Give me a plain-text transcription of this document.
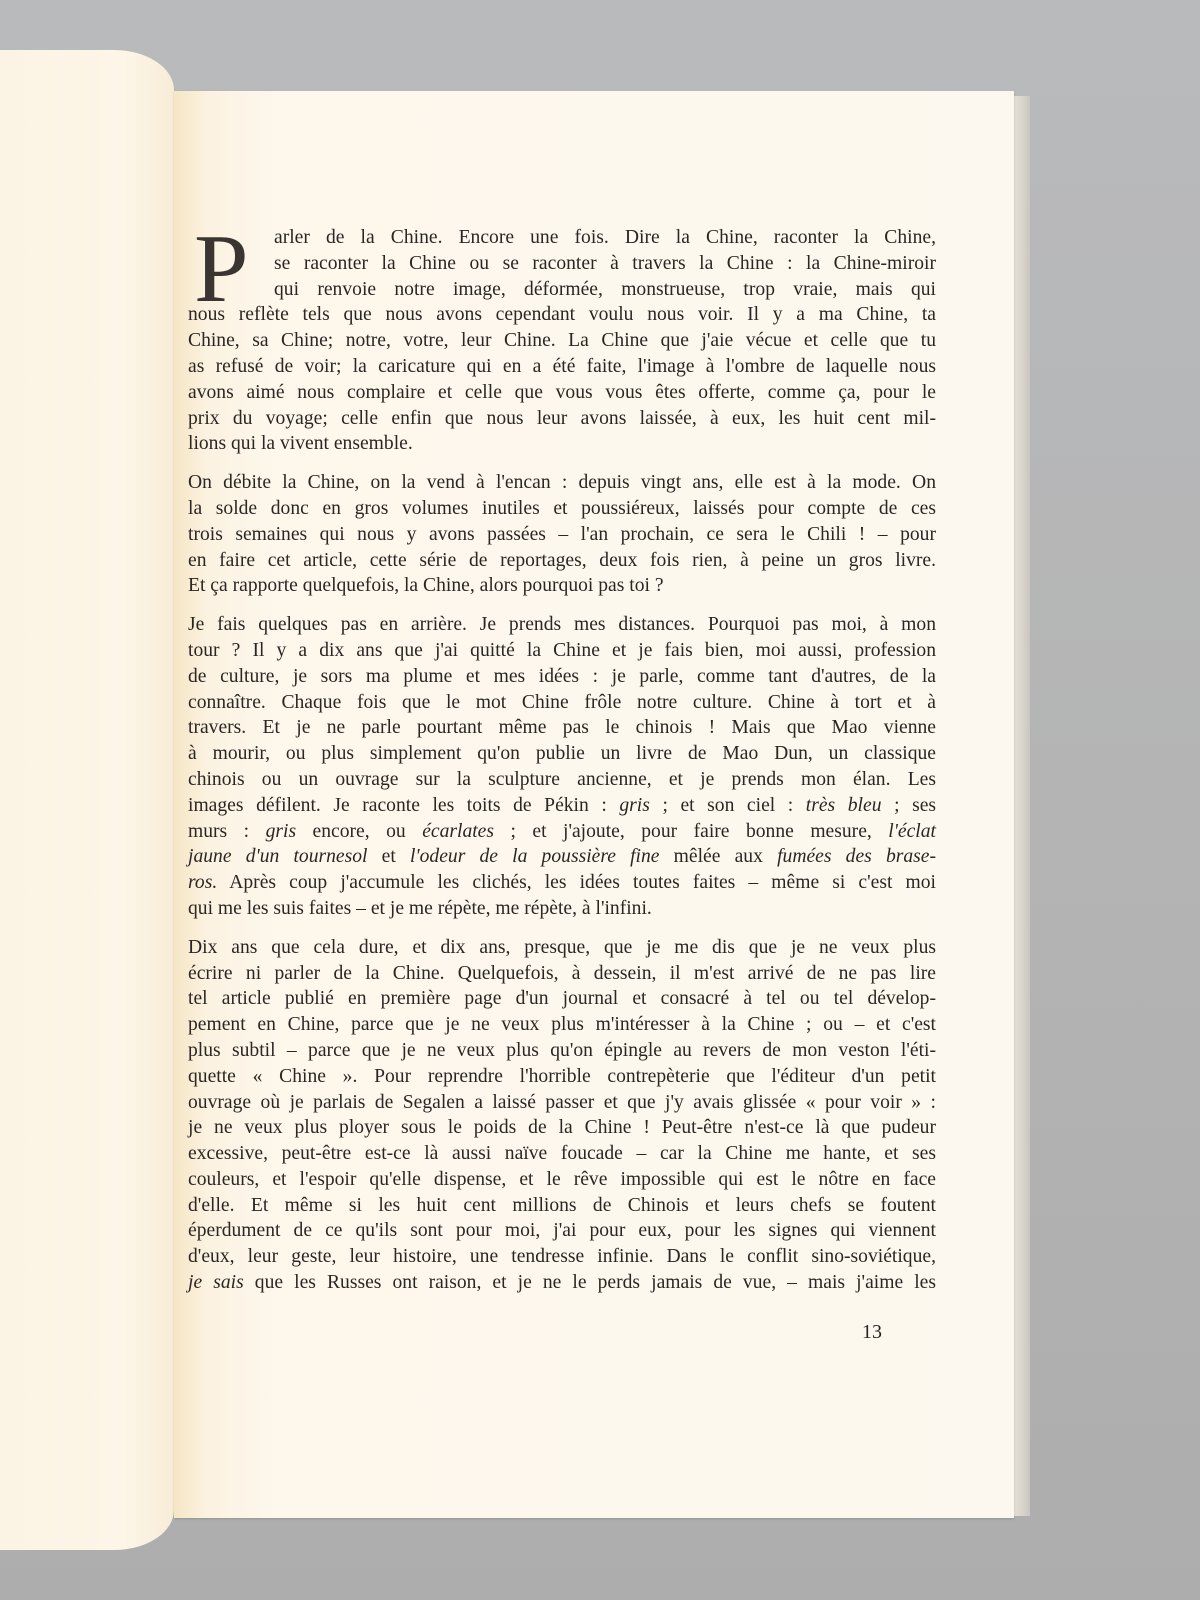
P	arler de la Chine. Encore une fois. Dire la Chine, raconter la Chine,
se raconter la Chine ou se raconter à travers la Chine : la Chine-miroir
qui renvoie notre image, déformée, monstrueuse, trop vraie, mais qui
nous reflète tels que nous avons cependant voulu nous voir. Il y a ma Chine, ta
Chine, sa Chine; notre, votre, leur Chine. La Chine que j'aie vécue et celle que tu
as refusé de voir; la caricature qui en a été faite, l'image à l'ombre de laquelle nous
avons aimé nous complaire et celle que vous vous êtes offerte, comme ça, pour le
prix du voyage; celle enfin que nous leur avons laissée, à eux, les huit cent mil-
lions qui la vivent ensemble.
On débite la Chine, on la vend à l'encan : depuis vingt ans, elle est à la mode. On
la solde donc en gros volumes inutiles et poussiéreux, laissés pour compte de ces
trois semaines qui nous y avons passées – l'an prochain, ce sera le Chili ! – pour
en faire cet article, cette série de reportages, deux fois rien, à peine un gros livre.
Et ça rapporte quelquefois, la Chine, alors pourquoi pas toi ?
Je fais quelques pas en arrière. Je prends mes distances. Pourquoi pas moi, à mon
tour ? Il y a dix ans que j'ai quitté la Chine et je fais bien, moi aussi, profession
de culture, je sors ma plume et mes idées : je parle, comme tant d'autres, de la
connaître. Chaque fois que le mot Chine frôle notre culture. Chine à tort et à
travers. Et je ne parle pourtant même pas le chinois ! Mais que Mao vienne
à mourir, ou plus simplement qu'on publie un livre de Mao Dun, un classique
chinois ou un ouvrage sur la sculpture ancienne, et je prends mon élan. Les
images défilent. Je raconte les toits de Pékin : gris ; et son ciel : très bleu ; ses
murs : gris encore, ou écarlates ; et j'ajoute, pour faire bonne mesure, l'éclat
jaune d'un tournesol et l'odeur de la poussière fine mêlée aux fumées des brase-
ros. Après coup j'accumule les clichés, les idées toutes faites – même si c'est moi
qui me les suis faites – et je me répète, me répète, à l'infini.
Dix ans que cela dure, et dix ans, presque, que je me dis que je ne veux plus
écrire ni parler de la Chine. Quelquefois, à dessein, il m'est arrivé de ne pas lire
tel article publié en première page d'un journal et consacré à tel ou tel dévelop-
pement en Chine, parce que je ne veux plus m'intéresser à la Chine ; ou – et c'est
plus subtil – parce que je ne veux plus qu'on épingle au revers de mon veston l'éti-
quette « Chine ». Pour reprendre l'horrible contrepèterie que l'éditeur d'un petit
ouvrage où je parlais de Segalen a laissé passer et que j'y avais glissée « pour voir » :
je ne veux plus ployer sous le poids de la Chine ! Peut-être n'est-ce là que pudeur
excessive, peut-être est-ce là aussi naïve foucade – car la Chine me hante, et ses
couleurs, et l'espoir qu'elle dispense, et le rêve impossible qui est le nôtre en face
d'elle. Et même si les huit cent millions de Chinois et leurs chefs se foutent
éperdument de ce qu'ils sont pour moi, j'ai pour eux, pour les signes qui viennent
d'eux, leur geste, leur histoire, une tendresse infinie. Dans le conflit sino-soviétique,
je sais que les Russes ont raison, et je ne le perds jamais de vue, – mais j'aime les
13
